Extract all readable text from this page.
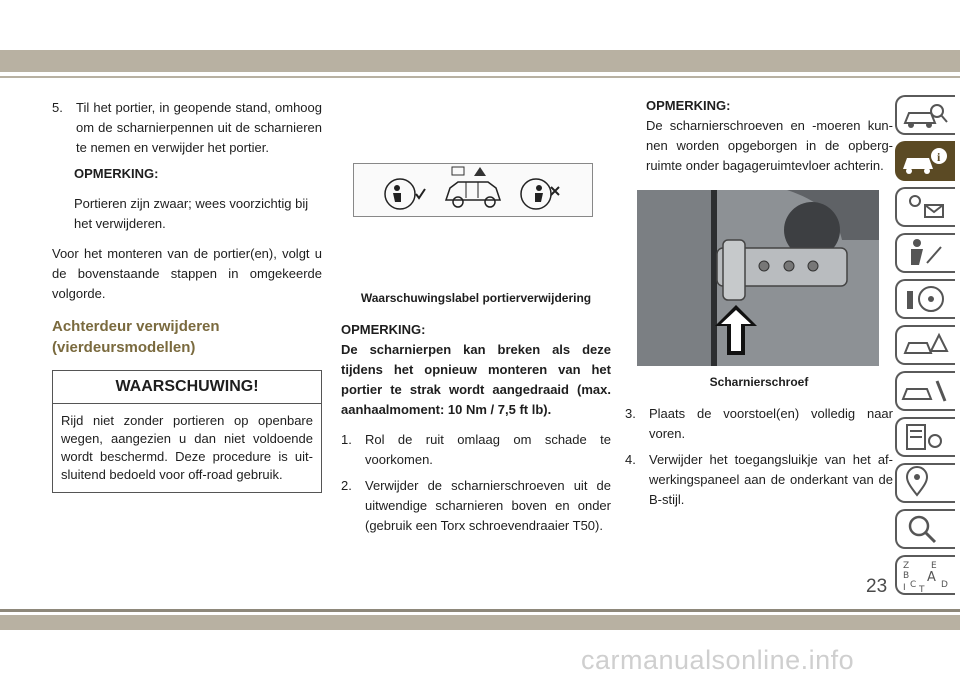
5.	Til het portier, in geopende stand, omhoog om de scharnierpennen uit de scharnieren te nemen en verwijder het portier.

OPMERKING:

Portieren zijn zwaar; wees voorzichtig bij het verwijderen.

Voor het monteren van de portier(en), volgt u de bovenstaande stappen in omgekeerde volgorde.

Achterdeur verwijderen
(vierdeursmodellen)
WAARSCHUWING!
Rijd niet zonder portieren op openbare wegen, aangezien u dan niet voldoende wordt beschermd. Deze procedure is uit-sluitend bedoeld voor off-road gebruik.
Waarschuwingslabel portierverwijdering
OPMERKING:

De scharnierpen kan breken als deze tijdens het opnieuw monteren van het portier te strak wordt aangedraaid (max. aanhaalmoment: 10 Nm / 7,5 ft lb).

1.	Rol de ruit omlaag om schade te voorkomen.
2.	Verwijder de scharnierschroeven uit de uitwendige scharnieren boven en onder (gebruik een Torx schroevendraaier T50).
OPMERKING:

De scharnierschroeven en -moeren kun-nen worden opgeborgen in de opberg-ruimte onder bagageruimtevloer achterin.

Scharnierschroef
3.	Plaats de voorstoel(en) volledig naar voren.
4.	Verwijder het toegangsluikje van het af-werkingspaneel aan de onderkant van de B-stijl.
i
Z E
B A
C	D
I T
23
carmanualsonline.info
